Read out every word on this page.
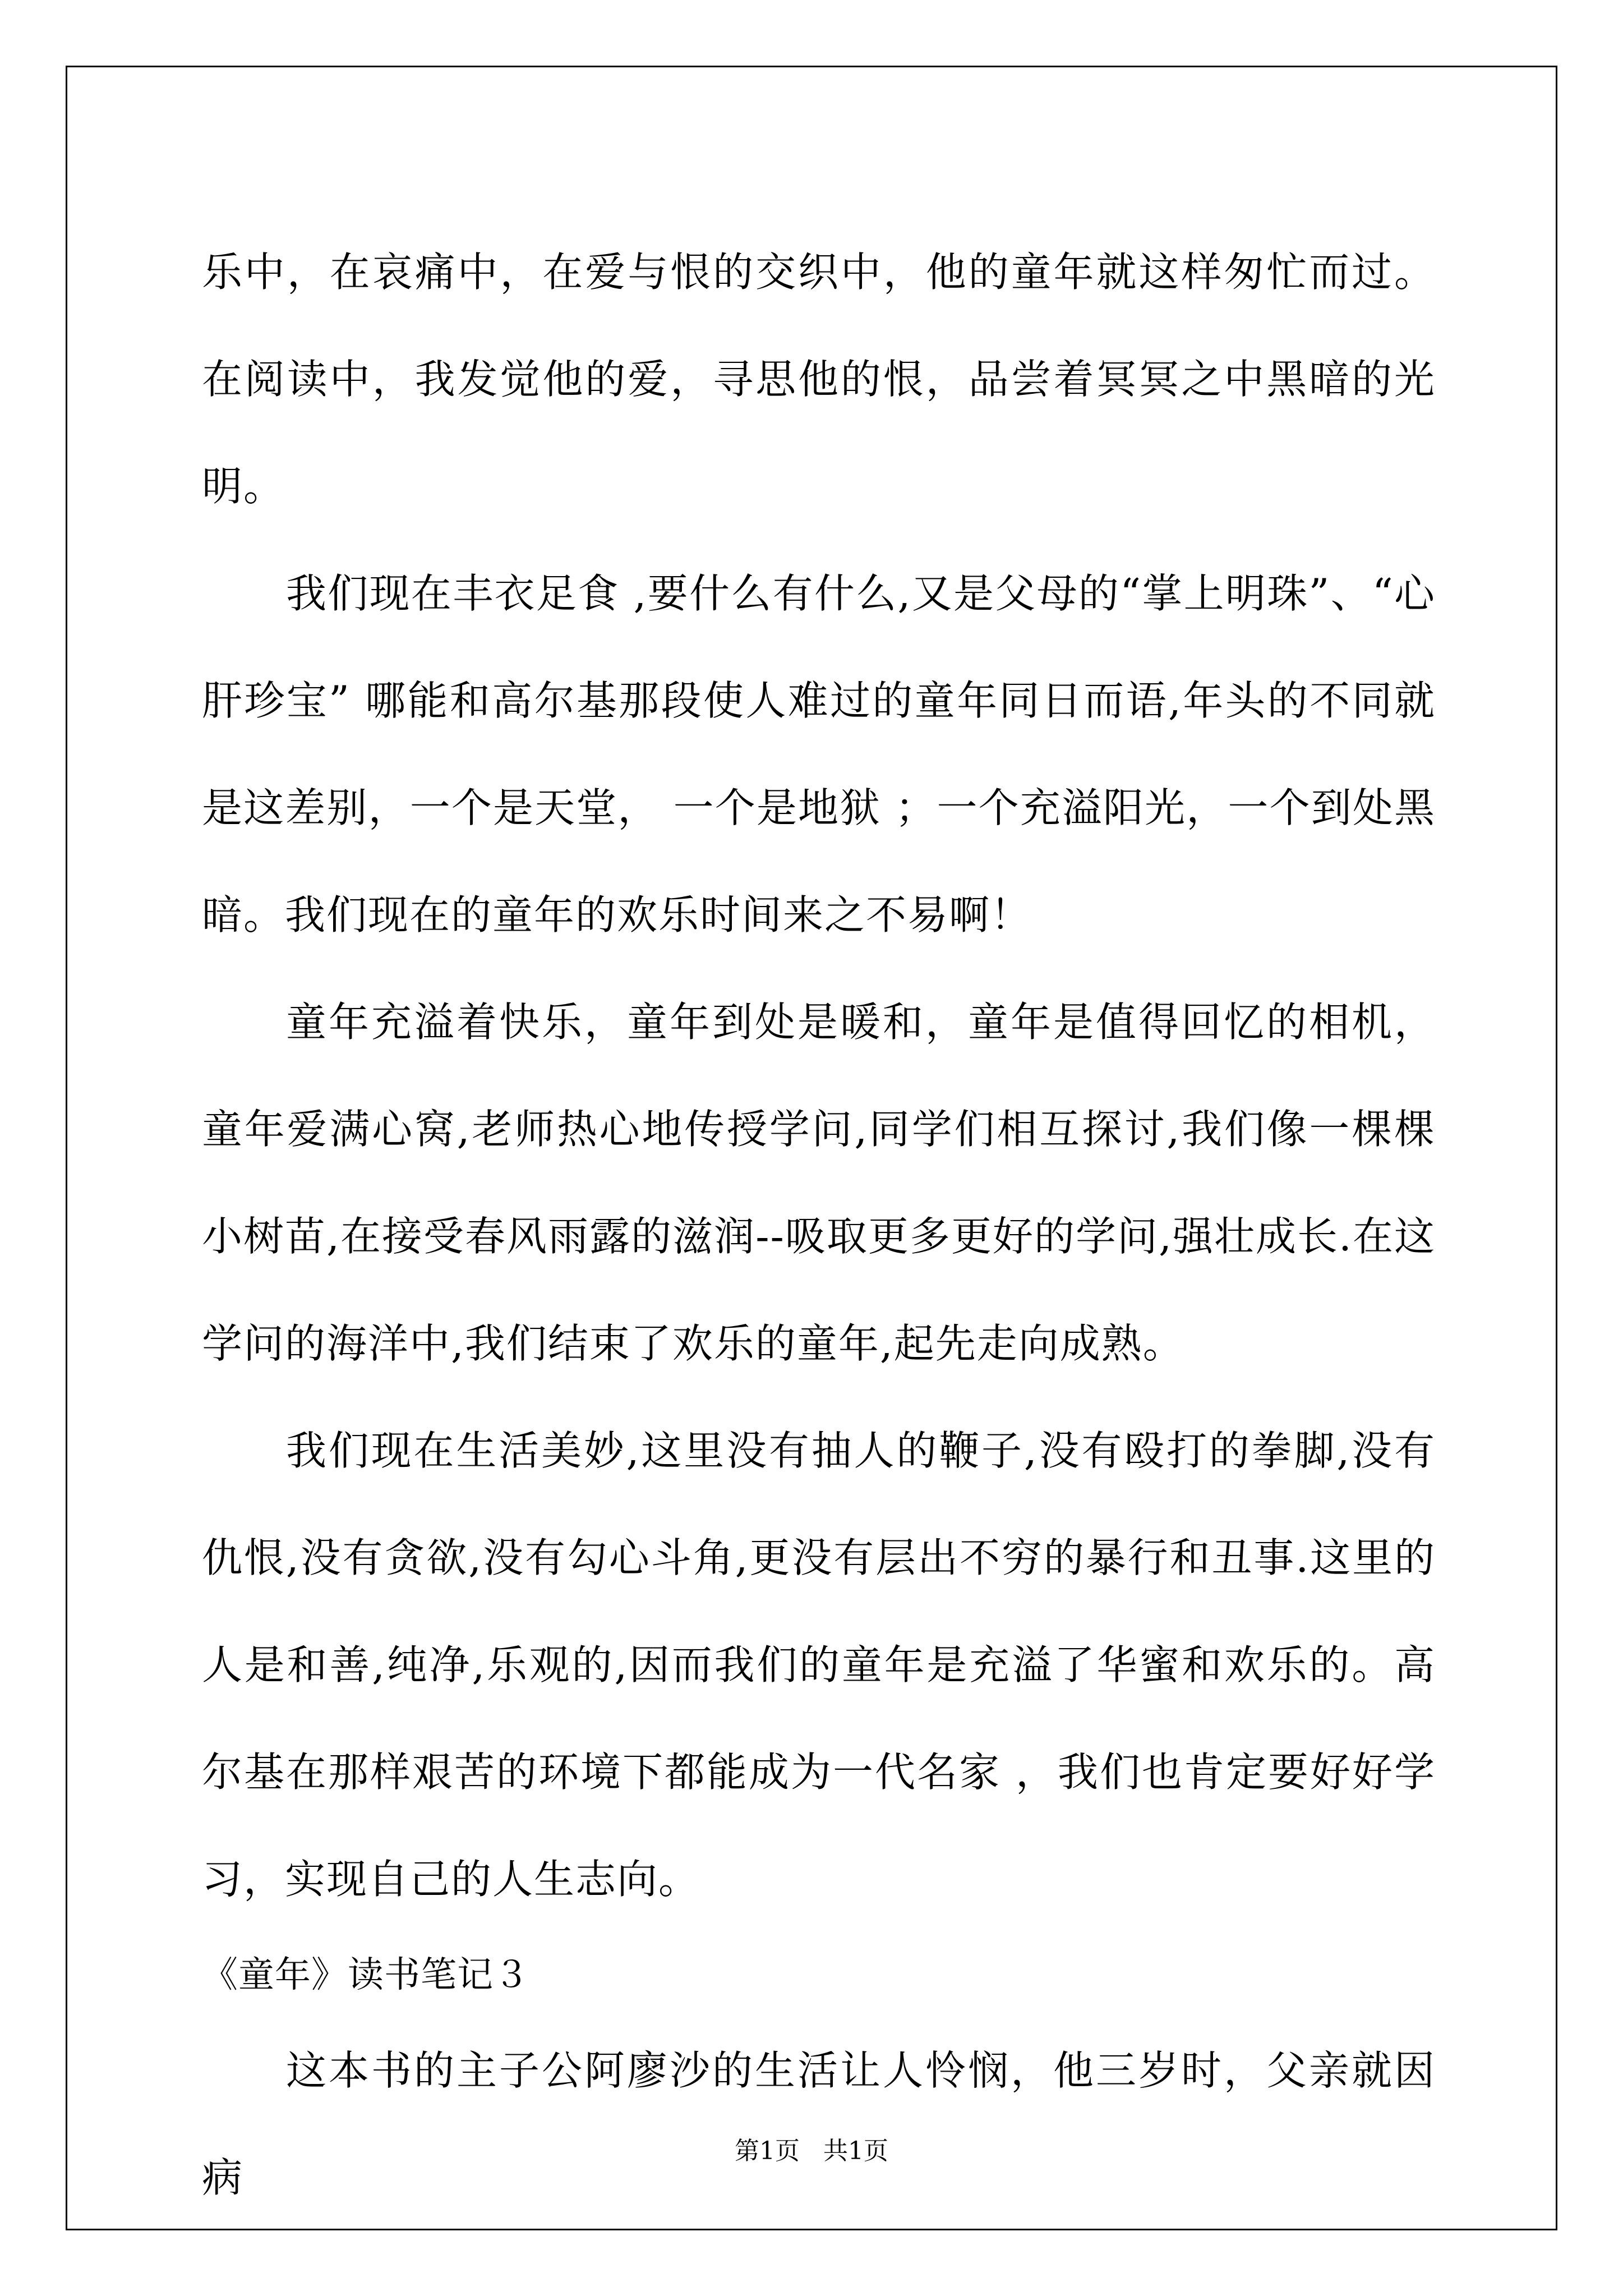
乐中，在哀痛中，在爱与恨的交织中，他的童年就这样匆忙而过。在阅读中，我发觉他的爱，寻思他的恨，品尝着冥冥之中黑暗的光明。

我们现在丰衣足食 ,要什么有什么,又是父母的“掌上明珠”、“心肝珍宝” 哪能和高尔基那段使人难过的童年同日而语,年头的不同就是这差别，一个是天堂， 一个是地狱 ；一个充溢阳光，一个到处黑暗。我们现在的童年的欢乐时间来之不易啊！

童年充溢着快乐，童年到处是暖和，童年是值得回忆的相机，童年爱满心窝,老师热心地传授学问,同学们相互探讨,我们像一棵棵小树苗,在接受春风雨露的滋润--吸取更多更好的学问,强壮成长.在这学问的海洋中,我们结束了欢乐的童年,起先走向成熟。

我们现在生活美妙,这里没有抽人的鞭子,没有殴打的拳脚,没有仇恨,没有贪欲,没有勾心斗角,更没有层出不穷的暴行和丑事.这里的人是和善,纯净,乐观的,因而我们的童年是充溢了华蜜和欢乐的。高尔基在那样艰苦的环境下都能成为一代名家 ，我们也肯定要好好学习，实现自己的人生志向。

《童年》读书笔记３

这本书的主子公阿廖沙的生活让人怜悯，他三岁时，父亲就因病

第1页 共1页
